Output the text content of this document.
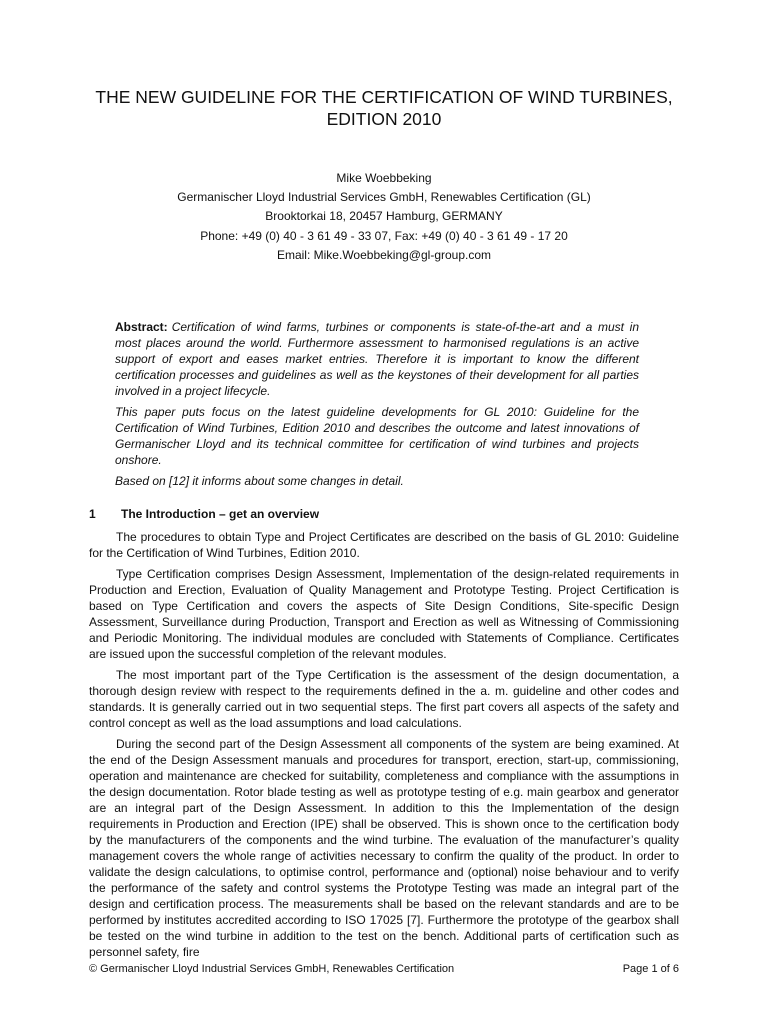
THE NEW GUIDELINE FOR THE CERTIFICATION OF WIND TURBINES,
EDITION 2010
Mike Woebbeking
Germanischer Lloyd Industrial Services GmbH, Renewables Certification (GL)
Brooktorkai 18, 20457 Hamburg, GERMANY
Phone: +49 (0) 40 - 3 61 49 - 33 07, Fax: +49 (0) 40 - 3 61 49 - 17 20
Email: Mike.Woebbeking@gl-group.com

Abstract: Certification of wind farms, turbines or components is state-of-the-art and a must in most places around the world. Furthermore assessment to harmonised regulations is an active support of export and eases market entries. Therefore it is important to know the different certification processes and guidelines as well as the keystones of their development for all parties involved in a project lifecycle.

This paper puts focus on the latest guideline developments for GL 2010: Guideline for the Certification of Wind Turbines, Edition 2010 and describes the outcome and latest innovations of Germanischer Lloyd and its technical committee for certification of wind turbines and projects onshore.

Based on [12] it informs about some changes in detail.

1	The Introduction – get an overview

The procedures to obtain Type and Project Certificates are described on the basis of GL 2010: Guideline for the Certification of Wind Turbines, Edition 2010.

Type Certification comprises Design Assessment, Implementation of the design-related requirements in Production and Erection, Evaluation of Quality Management and Prototype Testing. Project Certification is based on Type Certification and covers the aspects of Site Design Conditions, Site-specific Design Assessment, Surveillance during Production, Transport and Erection as well as Witnessing of Commissioning and Periodic Monitoring. The individual modules are concluded with Statements of Compliance. Certificates are issued upon the successful completion of the relevant modules.

The most important part of the Type Certification is the assessment of the design documentation, a thorough design review with respect to the requirements defined in the a. m. guideline and other codes and standards. It is generally carried out in two sequential steps. The first part covers all aspects of the safety and control concept as well as the load assumptions and load calculations.

During the second part of the Design Assessment all components of the system are being examined. At the end of the Design Assessment manuals and procedures for transport, erection, start-up, commissioning, operation and maintenance are checked for suitability, completeness and compliance with the assumptions in the design documentation. Rotor blade testing as well as prototype testing of e.g. main gearbox and generator are an integral part of the Design Assessment. In addition to this the Implementation of the design requirements in Production and Erection (IPE) shall be observed. This is shown once to the certification body by the manufacturers of the components and the wind turbine. The evaluation of the manufacturer’s quality management covers the whole range of activities necessary to confirm the quality of the product. In order to validate the design calculations, to optimise control, performance and (optional) noise behaviour and to verify the performance of the safety and control systems the Prototype Testing was made an integral part of the design and certification process. The measurements shall be based on the relevant standards and are to be performed by institutes accredited according to ISO 17025 [7]. Furthermore the prototype of the gearbox shall be tested on the wind turbine in addition to the test on the bench. Additional parts of certification such as personnel safety, fire

© Germanischer Lloyd Industrial Services GmbH, Renewables Certification	Page 1 of 6
